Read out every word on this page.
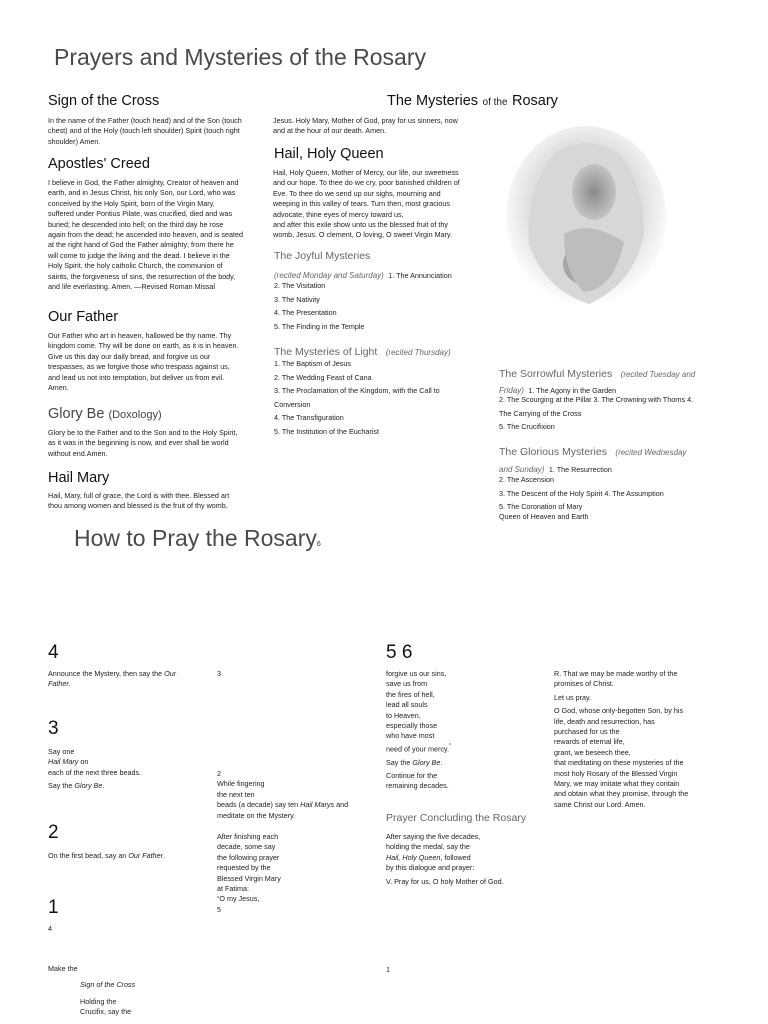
Prayers and Mysteries of the Rosary
Sign of the Cross
In the name of the Father (touch head) and of the Son (touch
chest) and of the Holy (touch left shoulder) Spirit (touch right
shoulder) Amen.
Apostles' Creed
I believe in God, the Father almighty, Creator of heaven and
earth, and in Jesus Christ, his only Son, our Lord, who was
conceived by the Holy Spirit, born of the Virgin Mary,
suffered under Pontius Pilate, was crucified, died and was
buried; he descended into hell; on the third day he rose
again from the dead; he ascended into heaven, and is seated
at the right hand of God the Father almighty; from there he
will come to judge the living and the dead. I believe in the
Holy Spirit, the holy catholic Church, the communion of
saints, the forgiveness of sins, the resurrection of the body,
and life everlasting. Amen. —Revised Roman Missal
Our Father
Our Father who art in heaven, hallowed be thy name. Thy
kingdom come. Thy will be done on earth, as it is in heaven.
Give us this day our daily bread, and forgive us our
trespasses, as we forgive those who trespass against us,
and lead us not into temptation, but deliver us from evil.
Amen.
Glory Be (Doxology)
Glory be to the Father and to the Son and to the Holy Spirit,
as it was in the beginning is now, and ever shall be world
without end.Amen.
Hail Mary
Hail, Mary, full of grace, the Lord is with thee. Blessed art
thou among women and blessed is the fruit of thy womb,
Jesus. Holy Mary, Mother of God, pray for us sinners, now
and at the hour of our death. Amen.
Hail, Holy Queen
Hail, Holy Queen, Mother of Mercy, our life, our sweetness
and our hope. To thee do we cry, poor banished children of
Eve. To thee do we send up our sighs, mourning and
weeping in this valley of tears. Turn then, most gracious
advocate, thine eyes of mercy toward us,
and after this exile show unto us the blessed fruit of thy
womb, Jesus. O clement, O loving, O sweet Virgin Mary.
The Joyful Mysteries
(recited Monday and Saturday) 1. The Annunciation

2. The Visitation

3. The Nativity

4. The Presentation

5. The Finding in the Temple

The Mysteries of Light (recited Thursday)

1. The Baptism of Jesus

2. The Wedding Feast of Cana

3. The Proclamation of the Kingdom, with the Call to

Conversion

4. The Transfiguration

5. The Institution of the Eucharist

The Mysteries of the Rosary
The Sorrowful Mysteries (recited Tuesday and
Friday) 1. The Agony in the Garden

2. The Scourging at the Pillar 3. The Crowning with Thorns 4.

The Carrying of the Cross

5. The Crucifixion

The Glorious Mysteries (recited Wednesday
and Sunday) 1. The Resurrection

2. The Ascension

3. The Descent of the Holy Spirit 4. The Assumption

5. The Coronation of Mary

Queen of Heaven and Earth

How to Pray the Rosary6
4
Announce the Mystery, then say the Our
Father.
3
3
Say one
Hail Mary on
each of the next three beads.
Say the Glory Be.
2
On the first bead, say an Our Father.
1
4
Make the
Sign of the Cross
Holding the
Crucifix, say the
2
While fingering
the next ten
beads (a decade) say ten Hail Marys and
meditate on the Mystery.
After finishing each
decade, some say
the following prayer
requested by the
Blessed Virgin Mary
at Fatima:
“O my Jesus,
5
5 6
forgive us our sins,
save us from
the fires of hell,
lead all souls
to Heaven,
especially those
who have most
need of your mercy.”
Say the Glory Be.
Continue for the
remaining decades.
Prayer Concluding the Rosary
After saying the five decades,
holding the medal, say the
Hail, Holy Queen, followed
by this dialogue and prayer:
V. Pray for us, O holy Mother of God.
1
R. That we may be made worthy of the
promises of Christ.
Let us pray.
O God, whose only-begotten Son, by his
life, death and resurrection, has
purchased for us the
rewards of eternal life,
grant, we beseech thee,
that meditating on these mysteries of the
most holy Rosary of the Blessed Virgin
Mary, we may imitate what they contain
and obtain what they promise, through the
same Christ our Lord. Amen.
